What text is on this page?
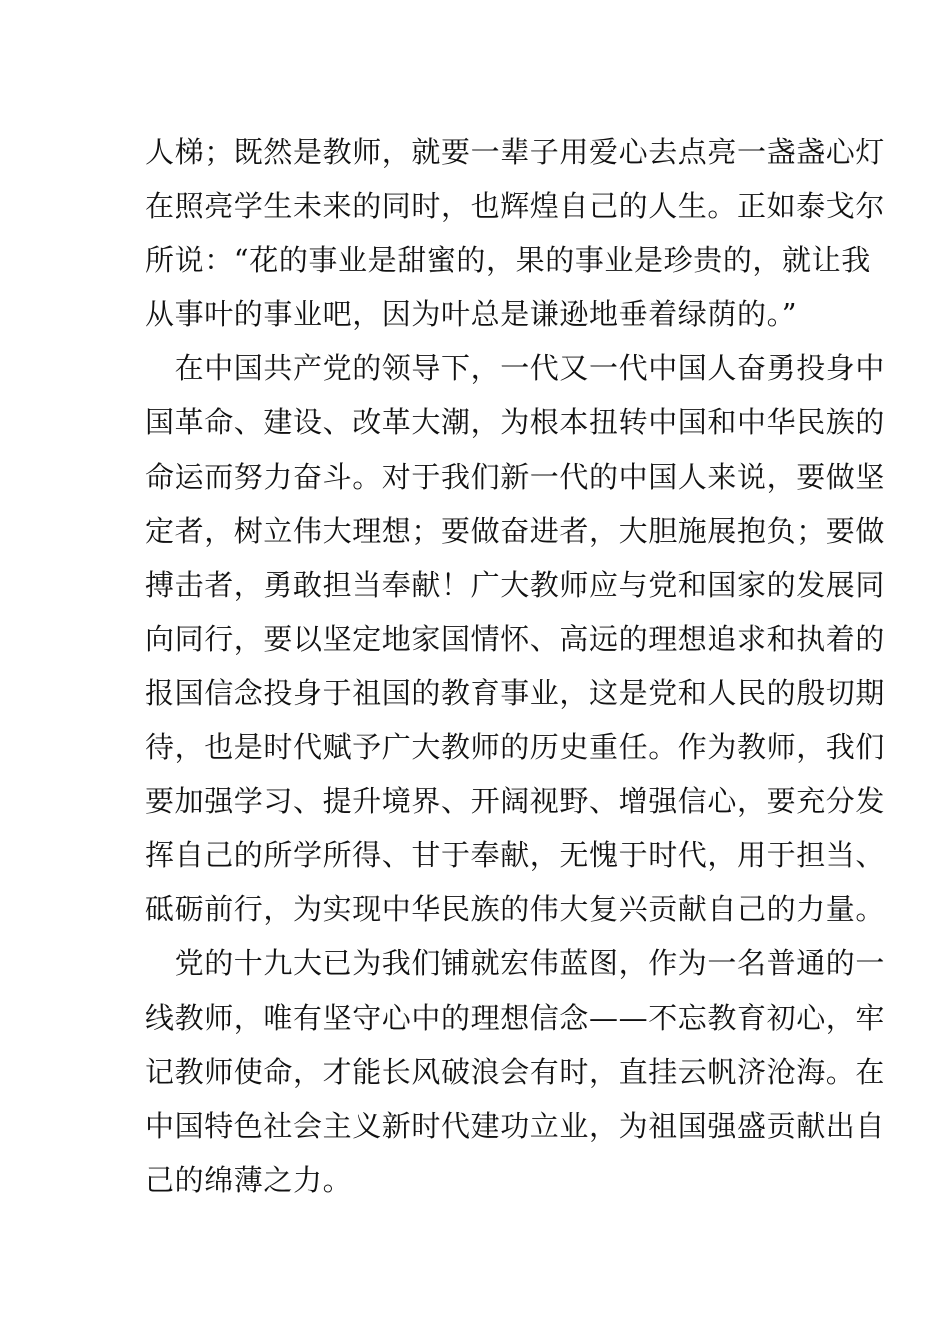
人梯；既然是教师，就要一辈子用爱心去点亮一盏盏心灯
在照亮学生未来的同时，也辉煌自己的人生。正如泰戈尔
所说：“花的事业是甜蜜的，果的事业是珍贵的，就让我
从事叶的事业吧，因为叶总是谦逊地垂着绿荫的。”
　在中国共产党的领导下，一代又一代中国人奋勇投身中
国革命、建设、改革大潮，为根本扭转中国和中华民族的
命运而努力奋斗。对于我们新一代的中国人来说，要做坚
定者，树立伟大理想；要做奋进者，大胆施展抱负；要做
搏击者，勇敢担当奉献！广大教师应与党和国家的发展同
向同行，要以坚定地家国情怀、高远的理想追求和执着的
报国信念投身于祖国的教育事业，这是党和人民的殷切期
待，也是时代赋予广大教师的历史重任。作为教师，我们
要加强学习、提升境界、开阔视野、增强信心，要充分发
挥自己的所学所得、甘于奉献，无愧于时代，用于担当、
砥砺前行，为实现中华民族的伟大复兴贡献自己的力量。
　党的十九大已为我们铺就宏伟蓝图，作为一名普通的一
线教师，唯有坚守心中的理想信念——不忘教育初心，牢
记教师使命，才能长风破浪会有时，直挂云帆济沧海。在
中国特色社会主义新时代建功立业，为祖国强盛贡献出自
己的绵薄之力。
